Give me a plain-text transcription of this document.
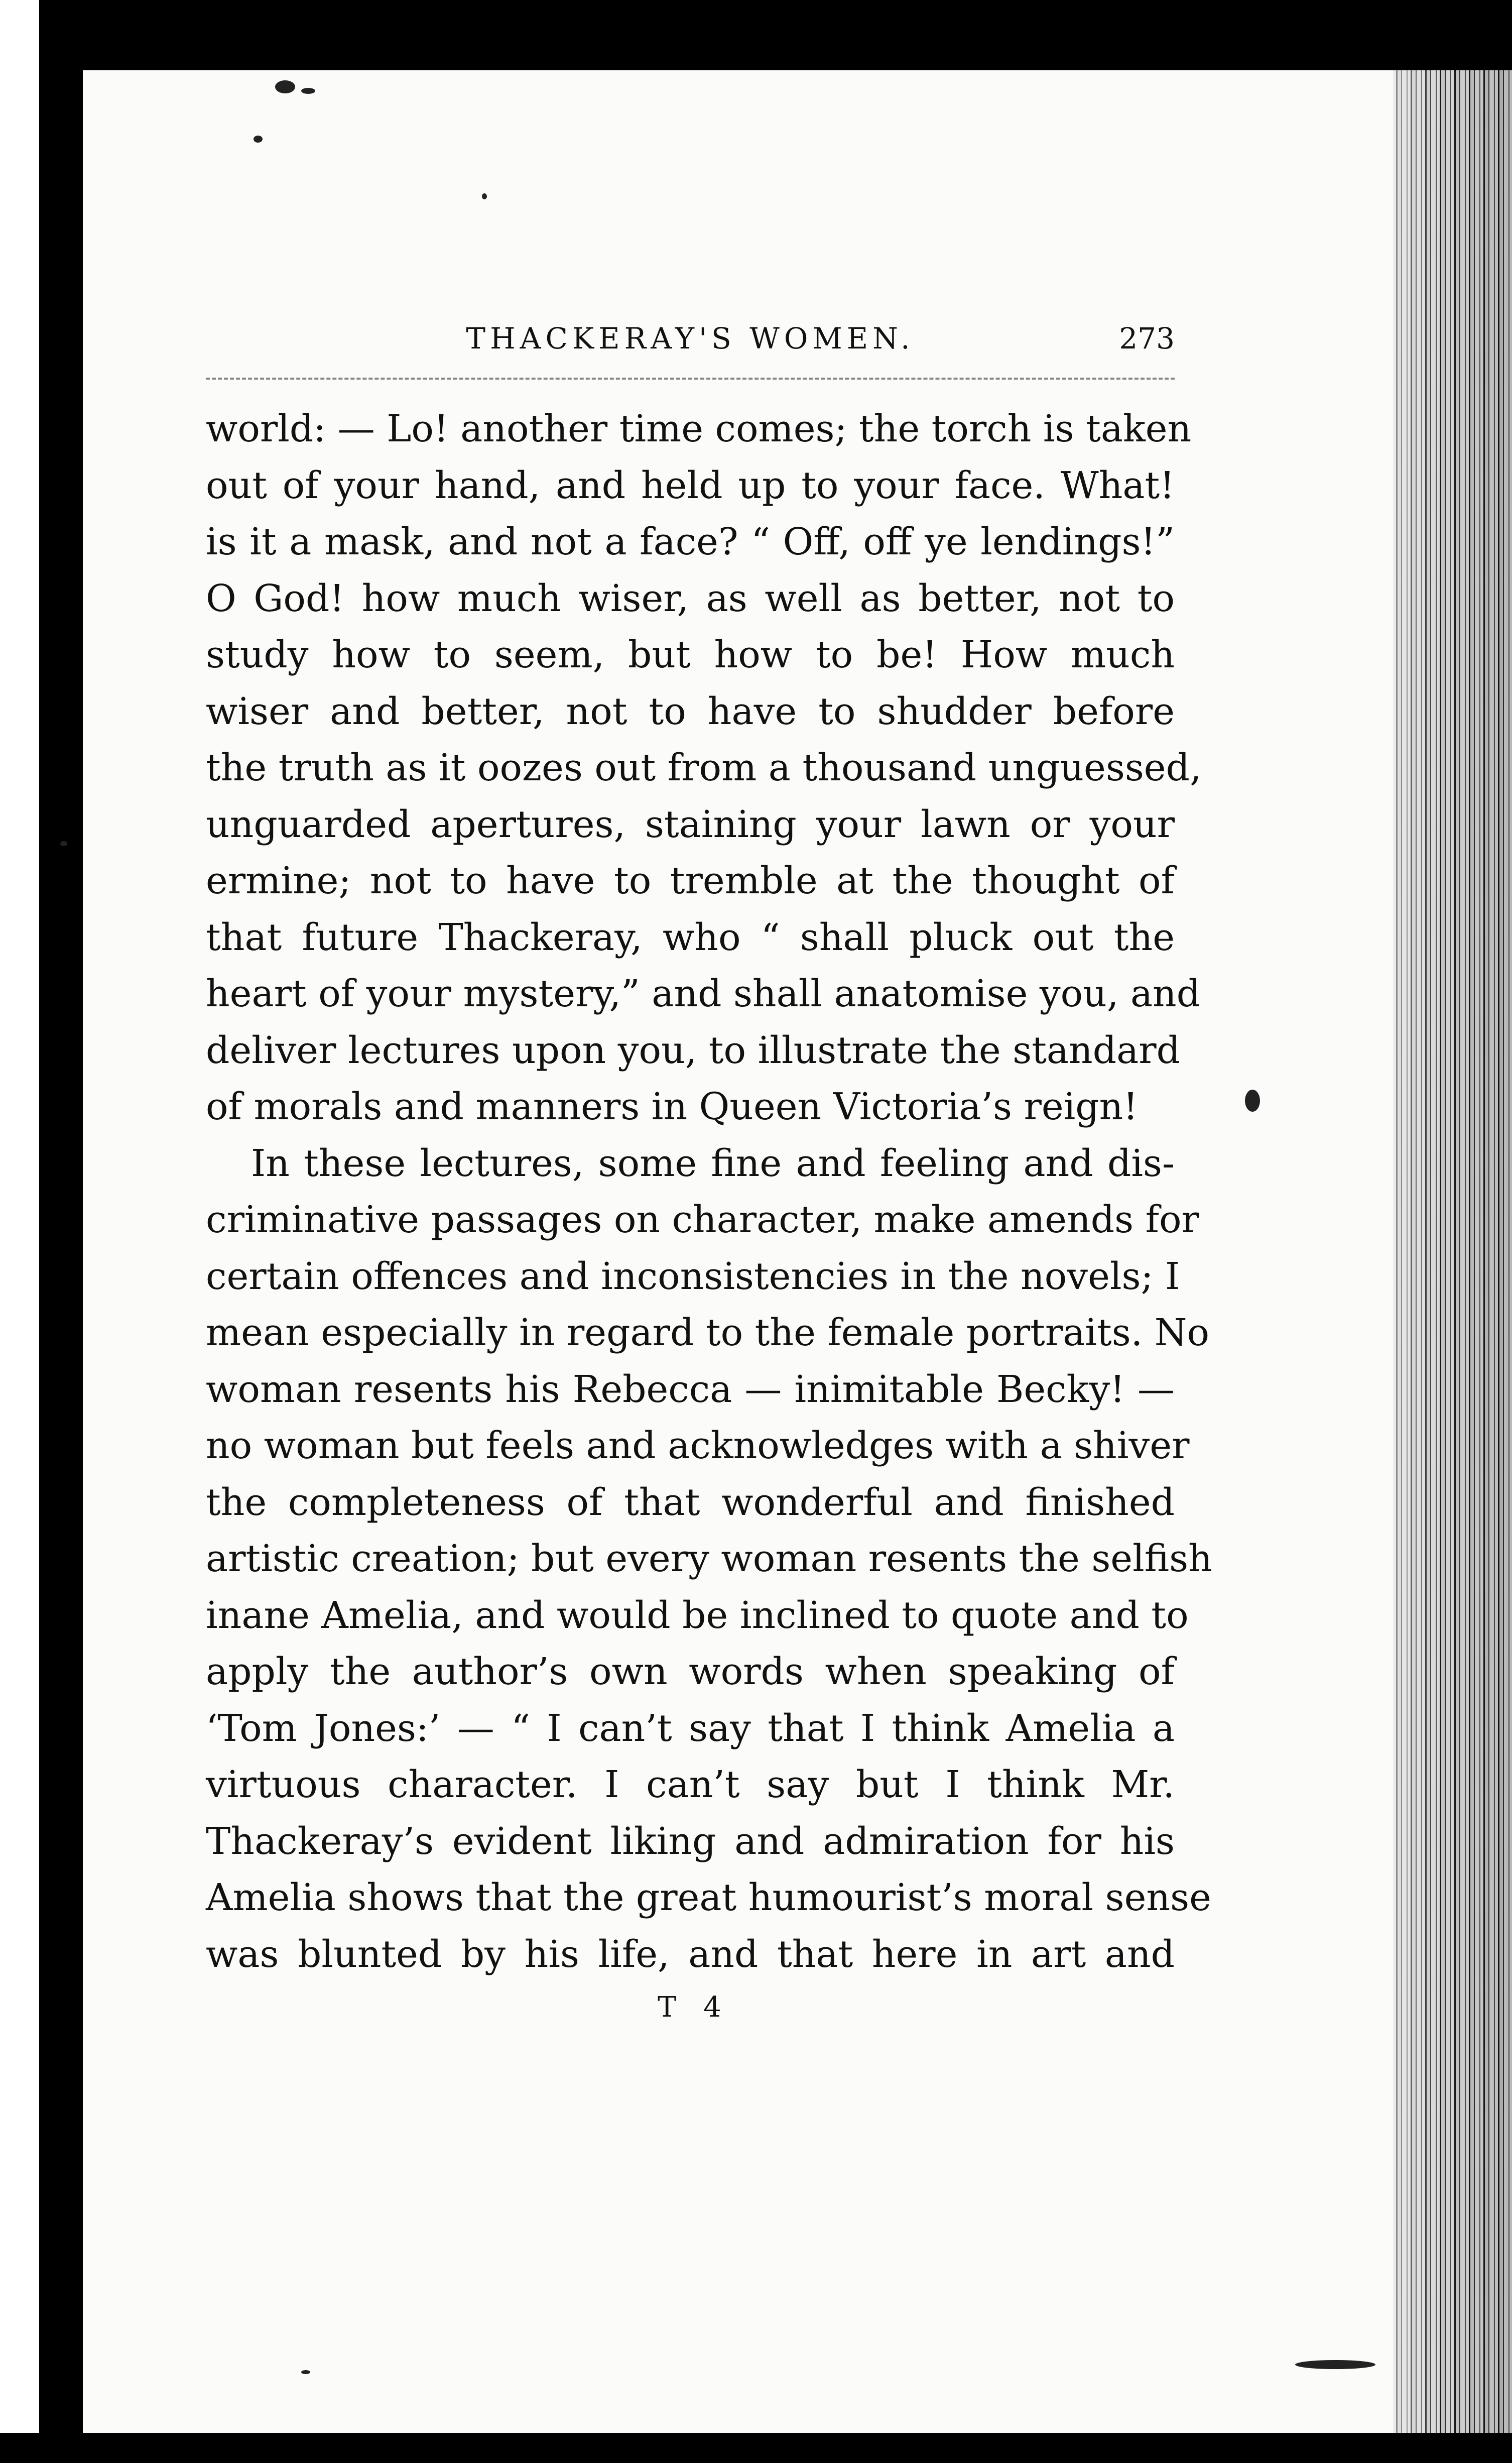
THACKERAY'S WOMEN.	273
world: — Lo! another time comes; the torch is taken
out of your hand, and held up to your face. What!
is it a mask, and not a face? “ Off, off ye lendings!”
O God! how much wiser, as well as better, not to
study how to seem, but how to be! How much
wiser and better, not to have to shudder before
the truth as it oozes out from a thousand unguessed,
unguarded apertures, staining your lawn or your
ermine; not to have to tremble at the thought of
that future Thackeray, who “ shall pluck out the
heart of your mystery,” and shall anatomise you, and
deliver lectures upon you, to illustrate the standard
of morals and manners in Queen Victoria’s reign!
In these lectures, some fine and feeling and dis-
criminative passages on character, make amends for
certain offences and inconsistencies in the novels; I
mean especially in regard to the female portraits. No
woman resents his Rebecca — inimitable Becky! —
no woman but feels and acknowledges with a shiver
the completeness of that wonderful and finished
artistic creation; but every woman resents the selfish
inane Amelia, and would be inclined to quote and to
apply the author’s own words when speaking of
‘Tom Jones:’ — “ I can’t say that I think Amelia a
virtuous character. I can’t say but I think Mr.
Thackeray’s evident liking and admiration for his
Amelia shows that the great humourist’s moral sense
was blunted by his life, and that here in art and
T 4
